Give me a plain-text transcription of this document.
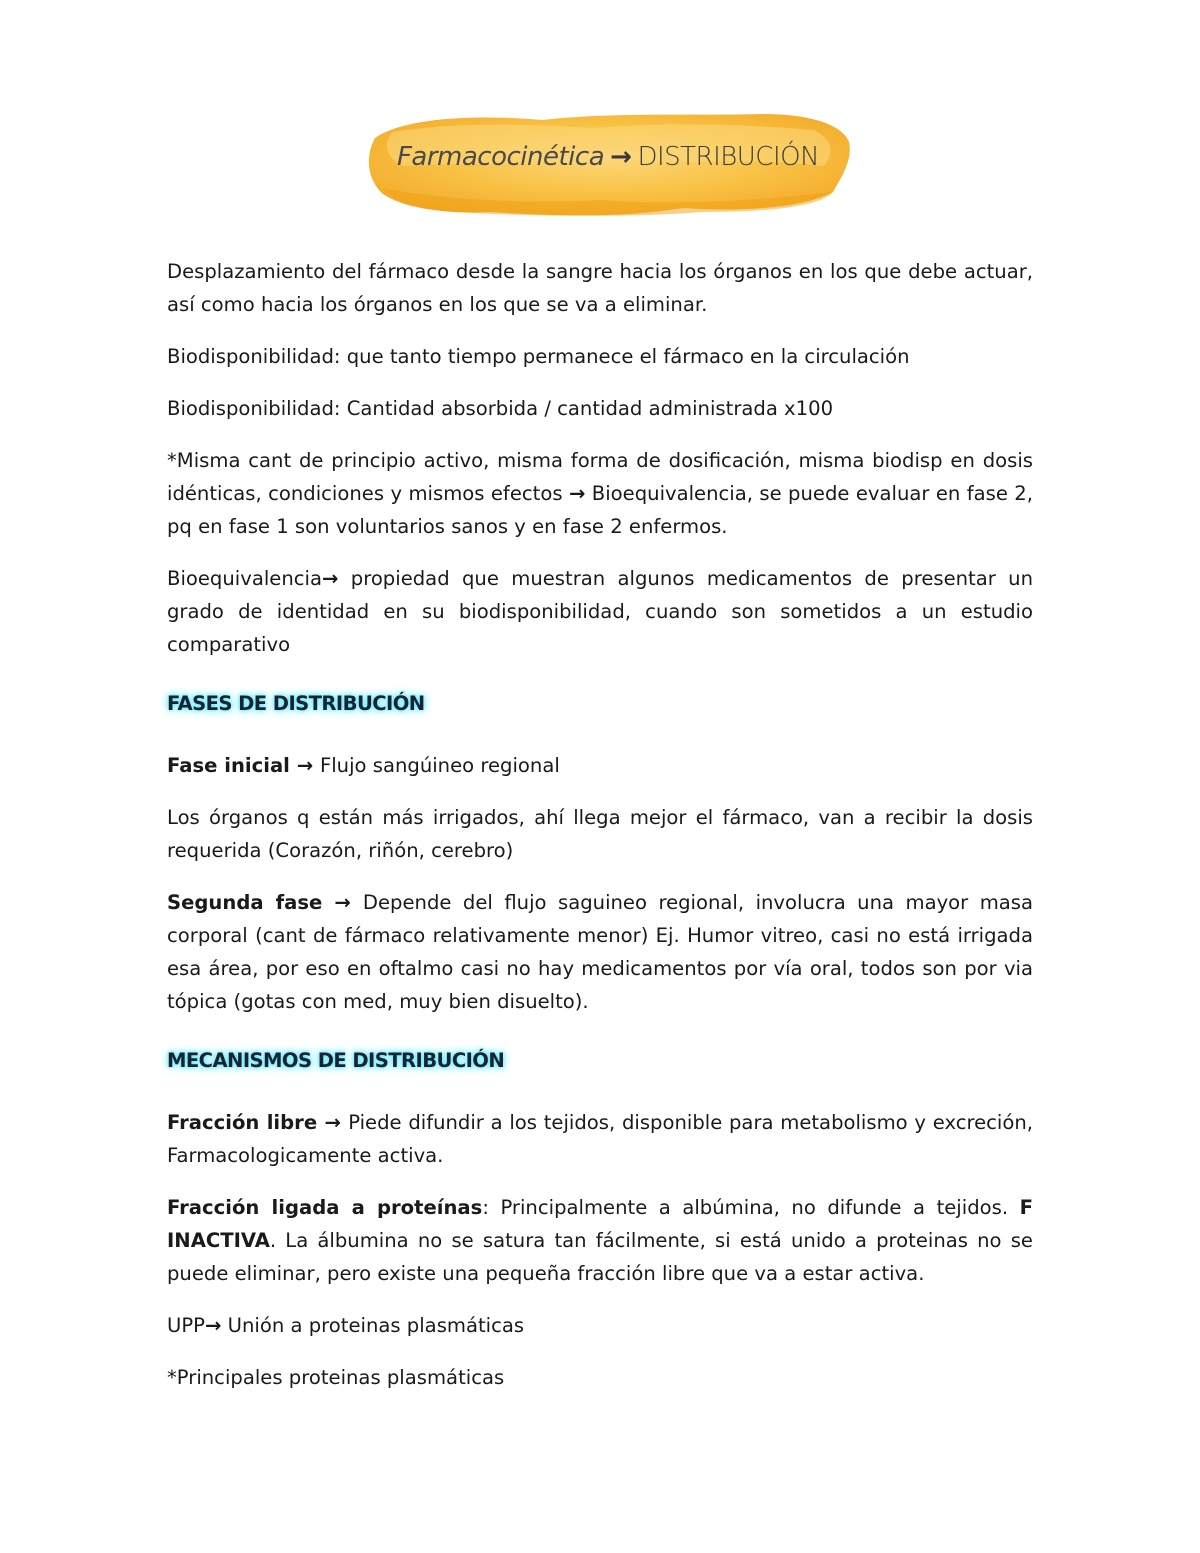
Farmacocinética → DISTRIBUCIÓN

Desplazamiento del fármaco desde la sangre hacia los órganos en los que debe actuar, así como hacia los órganos en los que se va a eliminar.

Biodisponibilidad: que tanto tiempo permanece el fármaco en la circulación

Biodisponibilidad: Cantidad absorbida / cantidad administrada x100

*Misma cant de principio activo, misma forma de dosificación, misma biodisp en dosis idénticas, condiciones y mismos efectos → Bioequivalencia, se puede evaluar en fase 2, pq en fase 1 son voluntarios sanos y en fase 2 enfermos.

Bioequivalencia→ propiedad que muestran algunos medicamentos de presentar un grado de identidad en su biodisponibilidad, cuando son sometidos a un estudio comparativo

FASES DE DISTRIBUCIÓN

Fase inicial → Flujo sangúineo regional

Los órganos q están más irrigados, ahí llega mejor el fármaco, van a recibir la dosis requerida (Corazón, riñón, cerebro)

Segunda fase → Depende del flujo saguineo regional, involucra una mayor masa corporal (cant de fármaco relativamente menor) Ej. Humor vitreo, casi no está irrigada esa área, por eso en oftalmo casi no hay medicamentos por vía oral, todos son por via tópica (gotas con med, muy bien disuelto).

MECANISMOS DE DISTRIBUCIÓN

Fracción libre → Piede difundir a los tejidos, disponible para metabolismo y excreción, Farmacologicamente activa.

Fracción ligada a proteínas: Principalmente a albúmina, no difunde a tejidos. F INACTIVA. La álbumina no se satura tan fácilmente, si está unido a proteinas no se puede eliminar, pero existe una pequeña fracción libre que va a estar activa.

UPP→ Unión a proteinas plasmáticas

*Principales proteinas plasmáticas
